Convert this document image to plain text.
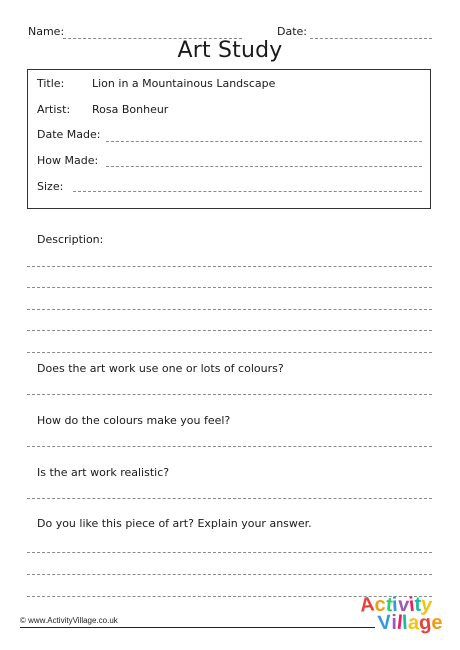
Name:	Date:
Art Study
Title:	Lion in a Mountainous Landscape
Artist: Rosa Bonheur
Date Made:
How Made:
Size:
Description:
Does the art work use one or lots of colours?
How do the colours make you feel?
Is the art work realistic?
Do you like this piece of art? Explain your answer.
© www.ActivityVillage.co.uk
Activity
Village
